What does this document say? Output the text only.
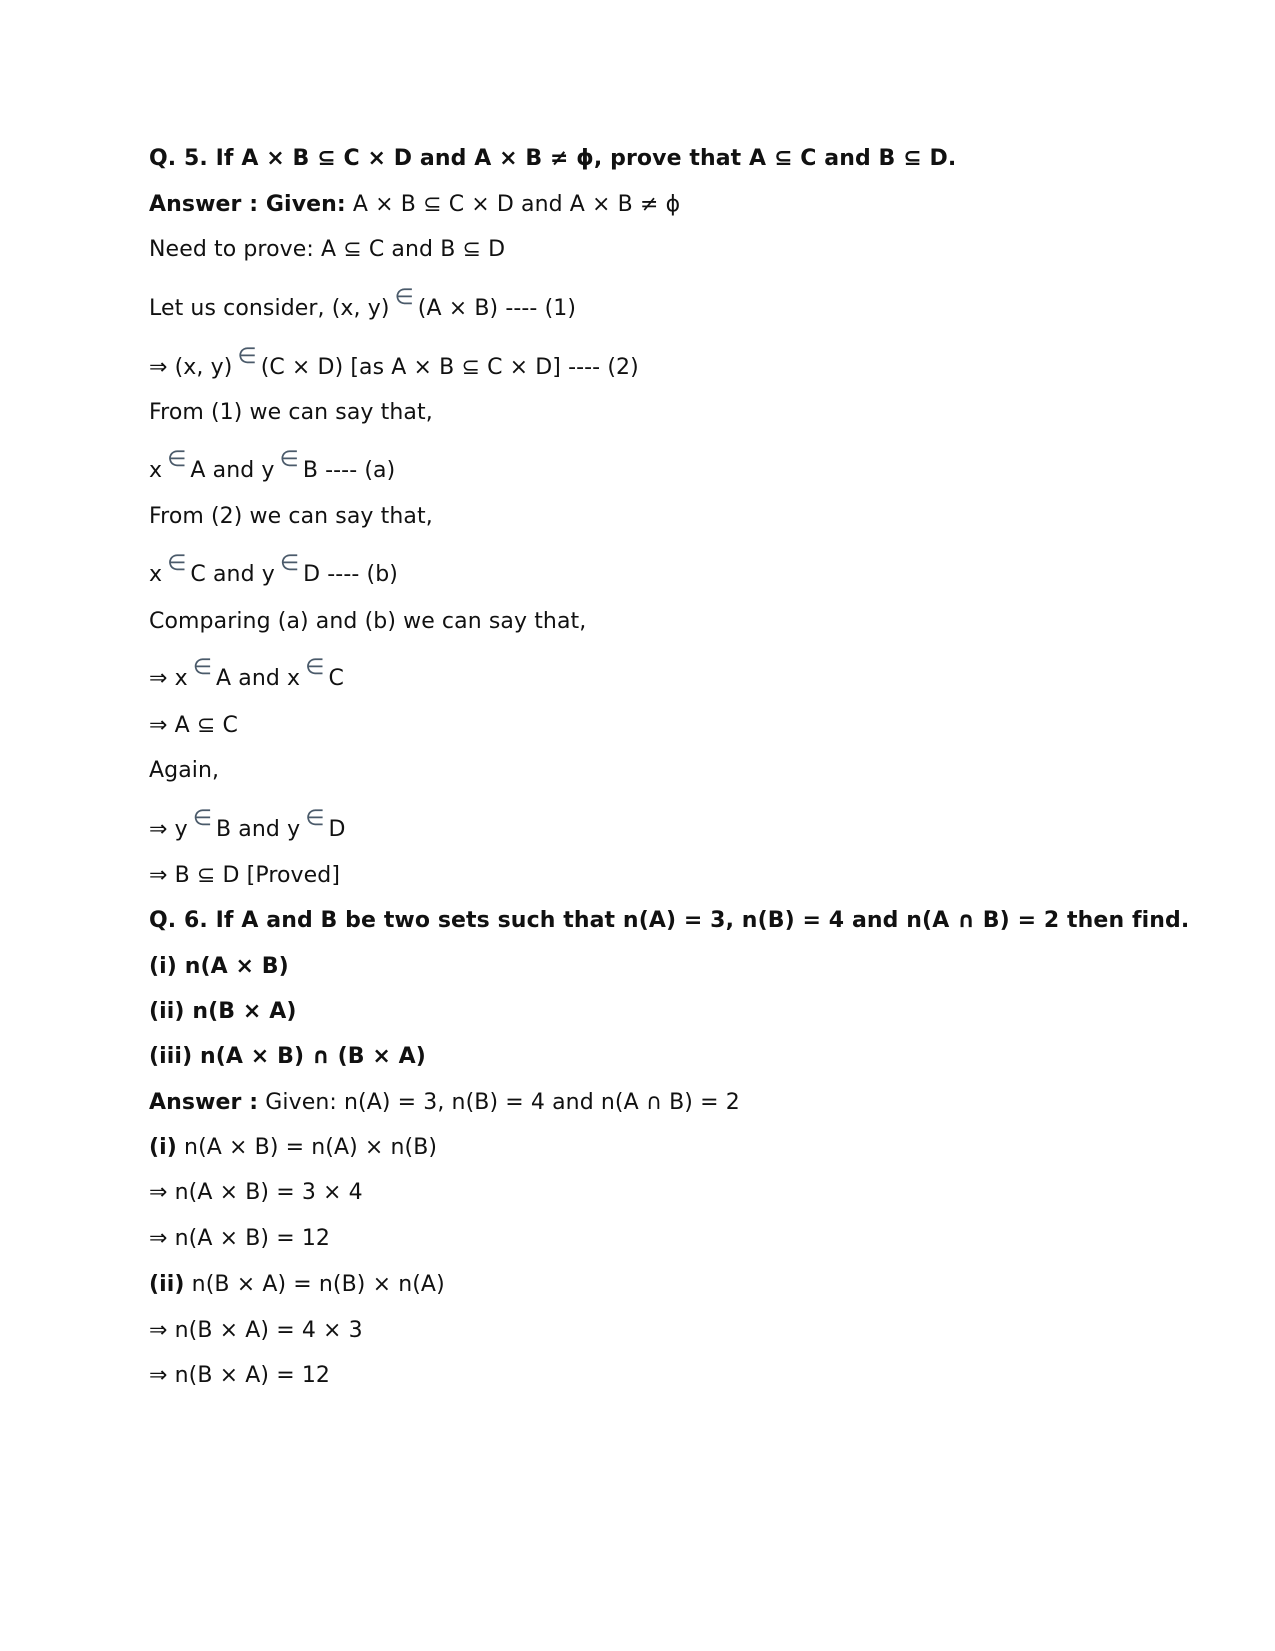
Q. 5. If A × B ⊆ C × D and A × B ≠ ϕ, prove that A ⊆ C and B ⊆ D.

Answer : Given: A × B ⊆ C × D and A × B ≠ ϕ

Need to prove: A ⊆ C and B ⊆ D

Let us consider, (x, y) ∈ (A × B) ---- (1)

⇒ (x, y) ∈ (C × D) [as A × B ⊆ C × D] ---- (2)

From (1) we can say that,

x ∈ A and y ∈ B ---- (a)

From (2) we can say that,

x ∈ C and y ∈ D ---- (b)

Comparing (a) and (b) we can say that,

⇒ x ∈ A and x ∈ C

⇒ A ⊆ C

Again,

⇒ y ∈ B and y ∈ D

⇒ B ⊆ D [Proved]

Q. 6. If A and B be two sets such that n(A) = 3, n(B) = 4 and n(A ∩ B) = 2 then find.

(i) n(A × B)

(ii) n(B × A)

(iii) n(A × B) ∩ (B × A)

Answer : Given: n(A) = 3, n(B) = 4 and n(A ∩ B) = 2

(i) n(A × B) = n(A) × n(B)

⇒ n(A × B) = 3 × 4

⇒ n(A × B) = 12

(ii) n(B × A) = n(B) × n(A)

⇒ n(B × A) = 4 × 3

⇒ n(B × A) = 12
